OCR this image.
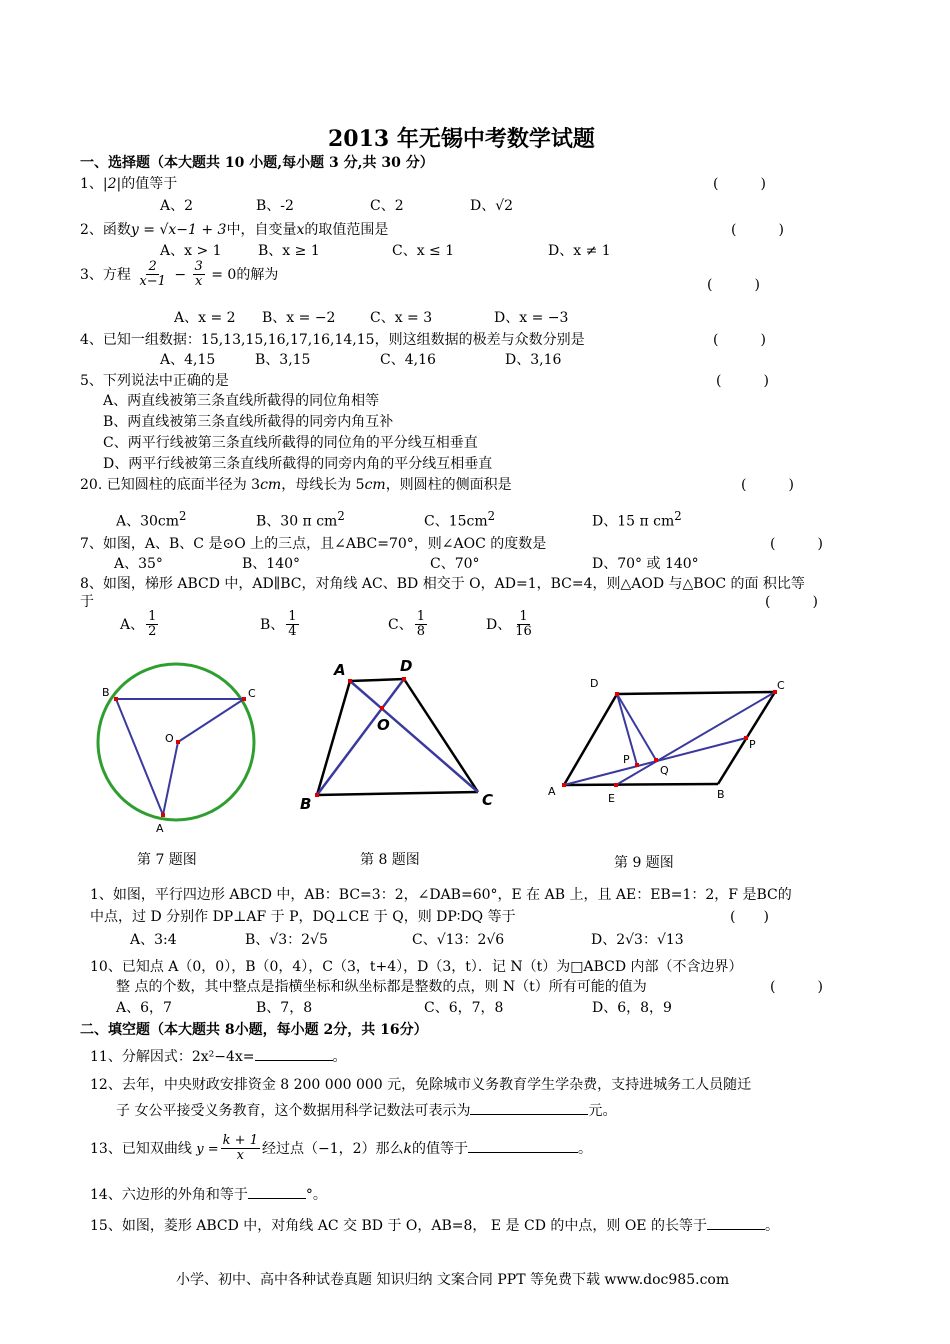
2013 年无锡中考数学试题
一、选择题（本大题共 10 小题,每小题 3 分,共 30 分）
1、|2|的值等于	(　　　)
A、2	B、-2	C、2	D、√2
2、函数y = √x−1 + 3中，自变量x的取值范围是	(　　　)
A、x > 1	B、x ≥ 1	C、x ≤ 1	D、x ≠ 1
3、方程 $\frac{2}{x-1} - \frac{3}{x} = 0$的解为
(　　　)
A、x = 2 B、x = −2 C、x = 3	D、x = −3
4、已知一组数据：15,13,15,16,17,16,14,15，则这组数据的极差与众数分别是	(　　　)
A、4,15	B、3,15	C、4,16	D、3,16
5、下列说法中正确的是	(　　　)
A、两直线被第三条直线所截得的同位角相等
B、两直线被第三条直线所截得的同旁内角互补
C、两平行线被第三条直线所截得的同位角的平分线互相垂直
D、两平行线被第三条直线所截得的同旁内角的平分线互相垂直
20. 已知圆柱的底面半径为 3cm，母线长为 5cm，则圆柱的侧面积是	(　　　)
A、$30cm^2$	B、30 π $cm^2$	C、$15cm^2$	D、15 π $cm^2$
7、如图，A、B、C 是⊙O 上的三点，且∠ABC=70°，则∠AOC 的度数是	(　　　)
A、35°	B、140°	C、70°	D、70° 或 140°
8、如图，梯形 ABCD 中，AD∥BC，对角线 AC、BD 相交于 O，AD=1，BC=4，则△AOD 与△BOC 的面 积比等
于	(　　　)
A、 $\frac{1}{2}$	B、 $\frac{1}{4}$	C、 $\frac{1}{8}$	D、 $\frac{1}{16}$
B	C
O
A
第 7 题图
A	D
O
B	C
第 8 题图
D	C
P
Q
P
A
E	B
第 9 题图
1、如图，平行四边形 ABCD 中，AB：BC=3：2，∠DAB=60°，E 在 AB 上，且 AE：EB=1：2，F 是BC的
中点，过 D 分别作 DP⊥AF 于 P，DQ⊥CE 于 Q，则 DP∶DQ 等于	(　　)
A、3:4	B、√3：2√5	C、√13：2√6	D、2√3：√13
10、已知点 A（0，0），B（0，4），C（3，t+4），D（3，t）．记 N（t）为□ABCD 内部（不含边界）
整 点的个数，其中整点是指横坐标和纵坐标都是整数的点，则 N（t）所有可能的值为	(　　　)
A、6，7	B、7，8	C、6，7，8	D、6，8，9
二、填空题（本大题共 8小题，每小题 2分，共 16分）
11、分解因式：2x²−4x=	。
12、去年，中央财政安排资金 8 200 000 000 元，免除城市义务教育学生学杂费，支持进城务工人员随迁
子 女公平接受义务教育，这个数据用科学记数法可表示为	元。
13、已知双曲线 $y = \frac{k + 1}{x}$ 经过点（−1，2）那么k的值等于	。
14、六边形的外角和等于	°。
15、如图，菱形 ABCD 中，对角线 AC 交 BD 于 O，AB=8， E 是 CD 的中点，则 OE 的长等于	。
小学、初中、高中各种试卷真题 知识归纳 文案合同 PPT 等免费下载 www.doc985.com
